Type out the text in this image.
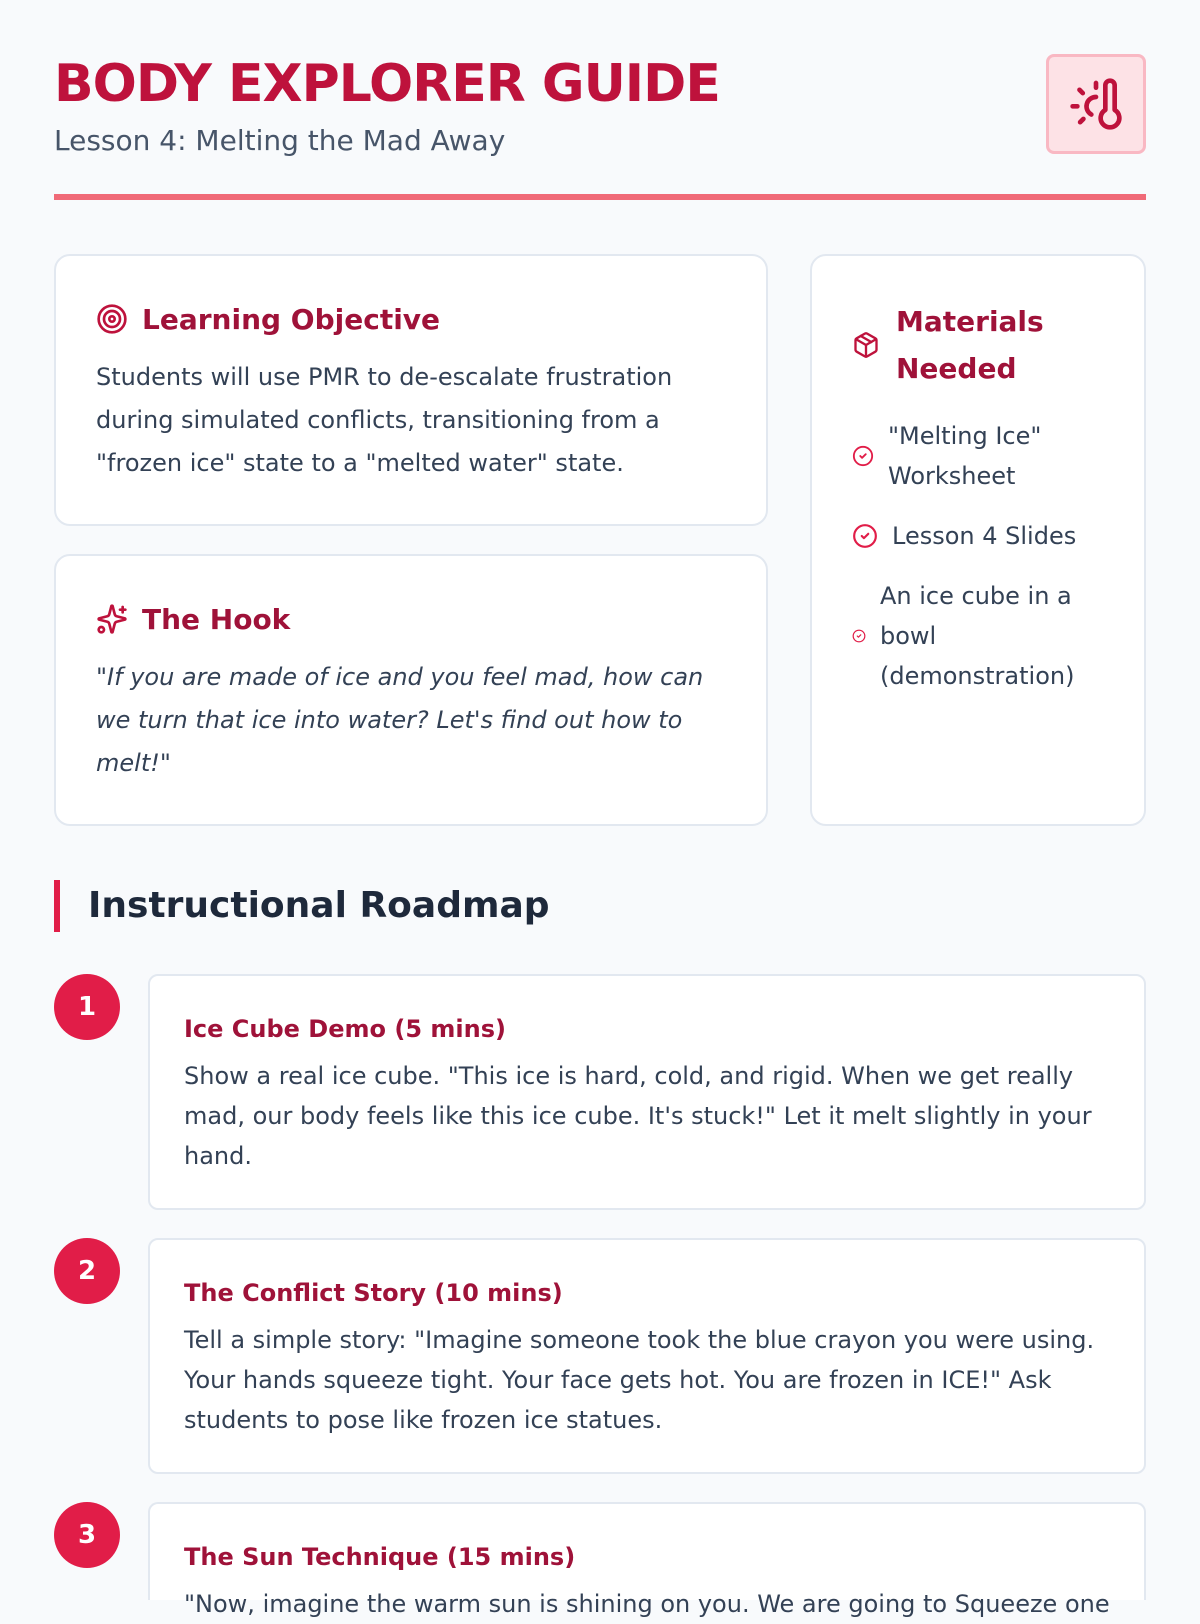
BODY EXPLORER GUIDE
Lesson 4: Melting the Mad Away
Learning Objective

Students will use PMR to de-escalate frustration during simulated conflicts, transitioning from a "frozen ice" state to a "melted water" state.

The Hook

"If you are made of ice and you feel mad, how can we turn that ice into water? Let's find out how to melt!"

Materials Needed
"Melting Ice" Worksheet
Lesson 4 Slides
An ice cube in a bowl (demonstration)
Instructional Roadmap
1
Ice Cube Demo (5 mins)

Show a real ice cube. "This ice is hard, cold, and rigid. When we get really mad, our body feels like this ice cube. It's stuck!" Let it melt slightly in your hand.

2
The Conflict Story (10 mins)

Tell a simple story: "Imagine someone took the blue crayon you were using. Your hands squeeze tight. Your face gets hot. You are frozen in ICE!" Ask students to pose like frozen ice statues.

3
The Sun Technique (15 mins)

"Now, imagine the warm sun is shining on you. We are going to Squeeze one
